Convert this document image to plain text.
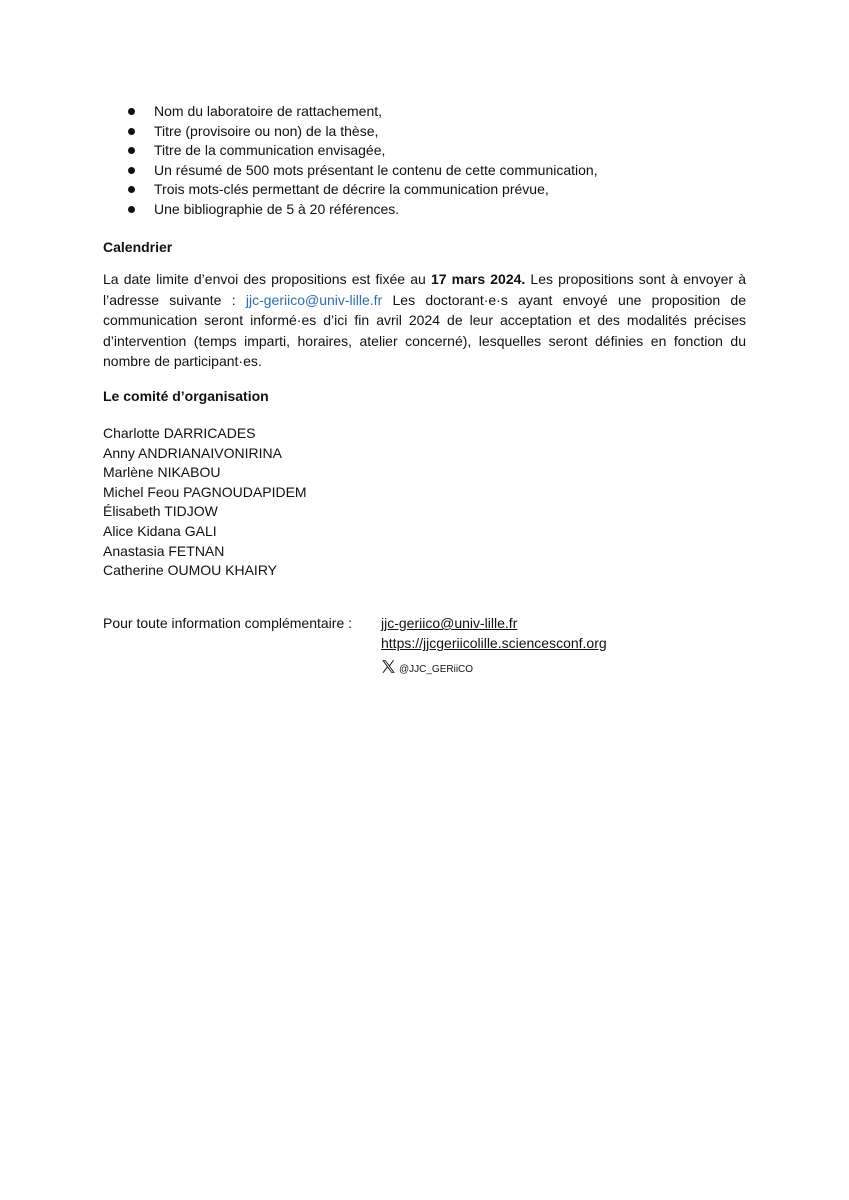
Nom du laboratoire de rattachement,
Titre (provisoire ou non) de la thèse,
Titre de la communication envisagée,
Un résumé de 500 mots présentant le contenu de cette communication,
Trois mots-clés permettant de décrire la communication prévue,
Une bibliographie de 5 à 20 références.
Calendrier

La date limite d’envoi des propositions est fixée au 17 mars 2024. Les propositions sont à envoyer à l’adresse suivante : jjc-geriico@univ-lille.fr Les doctorant·e·s ayant envoyé une proposition de communication seront informé·es d’ici fin avril 2024 de leur acceptation et des modalités précises d’intervention (temps imparti, horaires, atelier concerné), lesquelles seront définies en fonction du nombre de participant·es.

Le comité d’organisation
Charlotte DARRICADES
Anny ANDRIANAIVONIRINA
Marlène NIKABOU
Michel Feou PAGNOUDAPIDEM
Élisabeth TIDJOW
Alice Kidana GALI
Anastasia FETNAN
Catherine OUMOU KHAIRY
Pour toute information complémentaire : jjc-geriico@univ-lille.fr
https://jjcgeriicolille.sciencesconf.org
@JJC_GERiiCO
